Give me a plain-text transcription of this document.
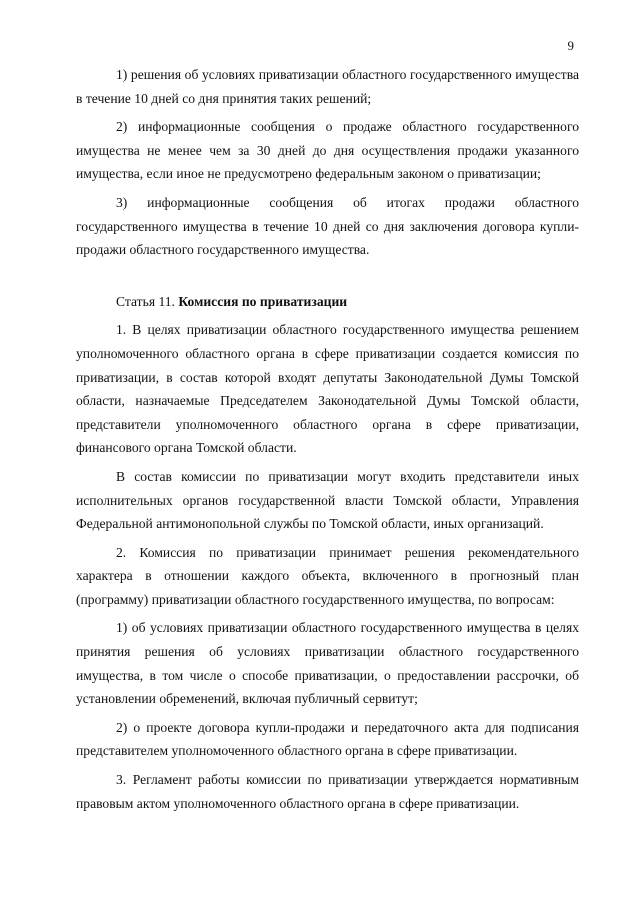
9

1) решения об условиях приватизации областного государственного имущества в течение 10 дней со дня принятия таких решений;

2) информационные сообщения о продаже областного государственного имущества не менее чем за 30 дней до дня осуществления продажи указанного имущества, если иное не предусмотрено федеральным законом о приватизации;

3) информационные сообщения об итогах продажи областного государственного имущества в течение 10 дней со дня заключения договора купли-продажи областного государственного имущества.

Статья 11. Комиссия по приватизации

1. В целях приватизации областного государственного имущества решением уполномоченного областного органа в сфере приватизации создается комиссия по приватизации, в состав которой входят депутаты Законодательной Думы Томской области, назначаемые Председателем Законодательной Думы Томской области, представители уполномоченного областного органа в сфере приватизации, финансового органа Томской области.

В состав комиссии по приватизации могут входить представители иных исполнительных органов государственной власти Томской области, Управления Федеральной антимонопольной службы по Томской области, иных организаций.

2. Комиссия по приватизации принимает решения рекомендательного характера в отношении каждого объекта, включенного в прогнозный план (программу) приватизации областного государственного имущества, по вопросам:

1) об условиях приватизации областного государственного имущества в целях принятия решения об условиях приватизации областного государственного имущества, в том числе о способе приватизации, о предоставлении рассрочки, об установлении обременений, включая публичный сервитут;

2) о проекте договора купли-продажи и передаточного акта для подписания представителем уполномоченного областного органа в сфере приватизации.

3. Регламент работы комиссии по приватизации утверждается нормативным правовым актом уполномоченного областного органа в сфере приватизации.
